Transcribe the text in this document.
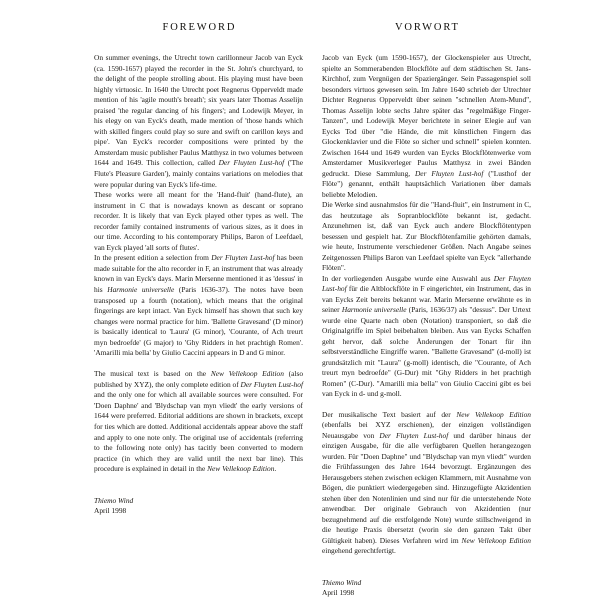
FOREWORD

On summer evenings, the Utrecht town carillonneur Jacob van Eyck (ca. 1590-1657) played the recorder in the St. John's churchyard, to the delight of the people strolling about. His playing must have been highly virtuosic. In 1640 the Utrecht poet Regnerus Opperveldt made mention of his 'agile mouth's breath'; six years later Thomas Asselijn praised 'the regular dancing of his fingers'; and Lodewijk Meyer, in his elegy on van Eyck's death, made mention of 'those hands which with skilled fingers could play so sure and swift on carillon keys and pipe'. Van Eyck's recorder compositions were printed by the Amsterdam music publisher Paulus Matthysz in two volumes between 1644 and 1649. This collection, called Der Fluyten Lust-hof ('The Flute's Pleasure Garden'), mainly contains variations on melodies that were popular during van Eyck's life-time.

These works were all meant for the 'Hand-fluit' (hand-flute), an instrument in C that is nowadays known as descant or soprano recorder. It is likely that van Eyck played other types as well. The recorder family contained instruments of various sizes, as it does in our time. According to his contemporary Philips, Baron of Leefdael, van Eyck played 'all sorts of flutes'.

In the present edition a selection from Der Fluyten Lust-hof has been made suitable for the alto recorder in F, an instrument that was already known in van Eyck's days. Marin Mersenne mentioned it as 'dessus' in his Harmonie universelle (Paris 1636-37). The notes have been transposed up a fourth (notation), which means that the original fingerings are kept intact. Van Eyck himself has shown that such key changes were normal practice for him. 'Ballette Gravesand' (D minor) is basically identical to 'Laura' (G minor), 'Courante, of Ach treurt myn bedroefde' (G major) to 'Ghy Ridders in het prachtigh Romen'. 'Amarilli mia bella' by Giulio Caccini appears in D and G minor.

The musical text is based on the New Vellekoop Edition (also published by XYZ), the only complete edition of Der Fluyten Lust-hof and the only one for which all available sources were consulted. For 'Doen Daphne' and 'Blydschap van myn vliedt' the early versions of 1644 were preferred. Editorial additions are shown in brackets, except for ties which are dotted. Additional accidentals appear above the staff and apply to one note only. The original use of accidentals (referring to the following note only) has tacitly been converted to modern practice (in which they are valid until the next bar line). This procedure is explained in detail in the New Vellekoop Edition.

Thiemo Wind
April 1998
VORWORT

Jacob van Eyck (um 1590-1657), der Glockenspieler aus Utrecht, spielte an Sommerabenden Blockflöte auf dem städtischen St. Jans-Kirchhof, zum Vergnügen der Spaziergänger. Sein Passagenspiel soll besonders virtuos gewesen sein. Im Jahre 1640 schrieb der Utrechter Dichter Regnerus Opperveldt über seinen "schnellen Atem-Mund", Thomas Asselijn lobte sechs Jahre später das "regelmäßige Finger-Tanzen", und Lodewijk Meyer berichtete in seiner Elegie auf van Eycks Tod über "die Hände, die mit künstlichen Fingern das Glockenklavier und die Flöte so sicher und schnell" spielen konnten. Zwischen 1644 und 1649 wurden van Eycks Blockflötenwerke vom Amsterdamer Musikverleger Paulus Matthysz in zwei Bänden gedruckt. Diese Sammlung, Der Fluyten Lust-hof ("Lusthof der Flöte") genannt, enthält hauptsächlich Variationen über damals beliebte Melodien.

Die Werke sind ausnahmslos für die "Hand-fluit", ein Instrument in C, das heutzutage als Sopranblockflöte bekannt ist, gedacht. Anzunehmen ist, daß van Eyck auch andere Blockflötentypen besessen und gespielt hat. Zur Blockflötenfamilie gehörten damals, wie heute, Instrumente verschiedener Größen. Nach Angabe seines Zeitgenossen Philips Baron van Leefdael spielte van Eyck "allerhande Flöten".

In der vorliegenden Ausgabe wurde eine Auswahl aus Der Fluyten Lust-hof für die Altblockflöte in F eingerichtet, ein Instrument, das in van Eycks Zeit bereits bekannt war. Marin Mersenne erwähnte es in seiner Harmonie universelle (Paris, 1636/37) als "dessus". Der Urtext wurde eine Quarte nach oben (Notation) transponiert, so daß die Originalgriffe im Spiel beibehalten bleiben. Aus van Eycks Schaffen geht hervor, daß solche Änderungen der Tonart für ihn selbstverständliche Eingriffe waren. "Ballette Gravesand" (d-moll) ist grundsätzlich mit "Laura" (g-moll) identisch, die "Courante, of Ach treurt myn bedroefde" (G-Dur) mit "Ghy Ridders in het prachtigh Romen" (C-Dur). "Amarilli mia bella" von Giulio Caccini gibt es bei van Eyck in d- und g-moll.

Der musikalische Text basiert auf der New Vellekoop Edition (ebenfalls bei XYZ erschienen), der einzigen vollständigen Neuausgabe von Der Fluyten Lust-hof und darüber hinaus der einzigen Ausgabe, für die alle verfügbaren Quellen herangezogen wurden. Für "Doen Daphne" und "Blydschap van myn vliedt" wurden die Frühfassungen des Jahre 1644 bevorzugt. Ergänzungen des Herausgebers stehen zwischen eckigen Klammern, mit Ausnahme von Bögen, die punktiert wiedergegeben sind. Hinzugefügte Akzidentien stehen über den Notenlinien und sind nur für die unterstehende Note anwendbar. Der originale Gebrauch von Akzidentien (nur bezugnehmend auf die erstfolgende Note) wurde stillschweigend in die heutige Praxis übersetzt (worin sie den ganzen Takt über Gültigkeit haben). Dieses Verfahren wird im New Vellekoop Edition eingehend gerechtfertigt.

Thiemo Wind
April 1998
